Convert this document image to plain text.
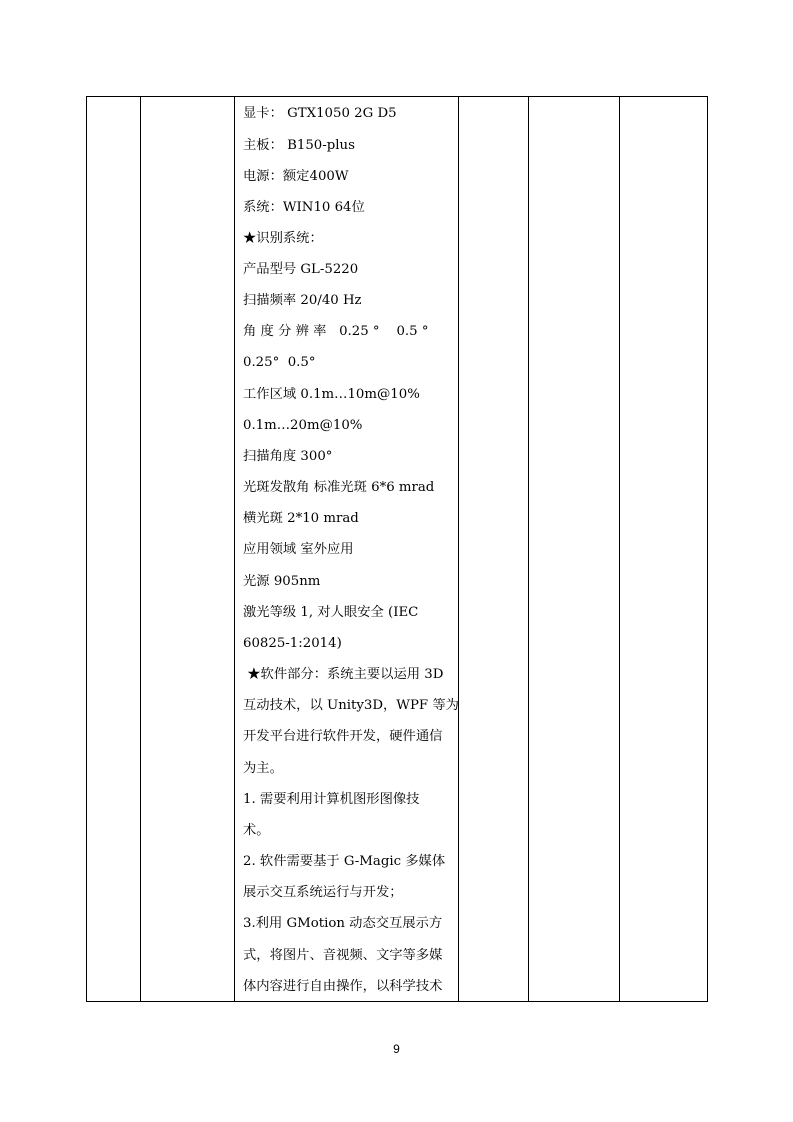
显卡： GTX1050 2G D5
主板： B150-plus
电源：额定400W
系统：WIN10 64位
★识别系统：
产品型号 GL-5220
扫描频率 20/40 Hz
角 度 分 辨 率   0.25 °    0.5 °
0.25°  0.5°
工作区域 0.1m…10m@10%
0.1m…20m@10%
扫描角度 300°
光斑发散角 标准光斑 6*6 mrad
横光斑 2*10 mrad
应用领域 室外应用
光源 905nm
激光等级 1, 对人眼安全 (IEC
60825-1:2014)
★软件部分：系统主要以运用 3D
互动技术，以 Unity3D，WPF 等为
开发平台进行软件开发，硬件通信
为主。
1. 需要利用计算机图形图像技
术。
2. 软件需要基于 G-Magic 多媒体
展示交互系统运行与开发；
3.利用 GMotion 动态交互展示方
式，将图片、音视频、文字等多媒
体内容进行自由操作，以科学技术
9
